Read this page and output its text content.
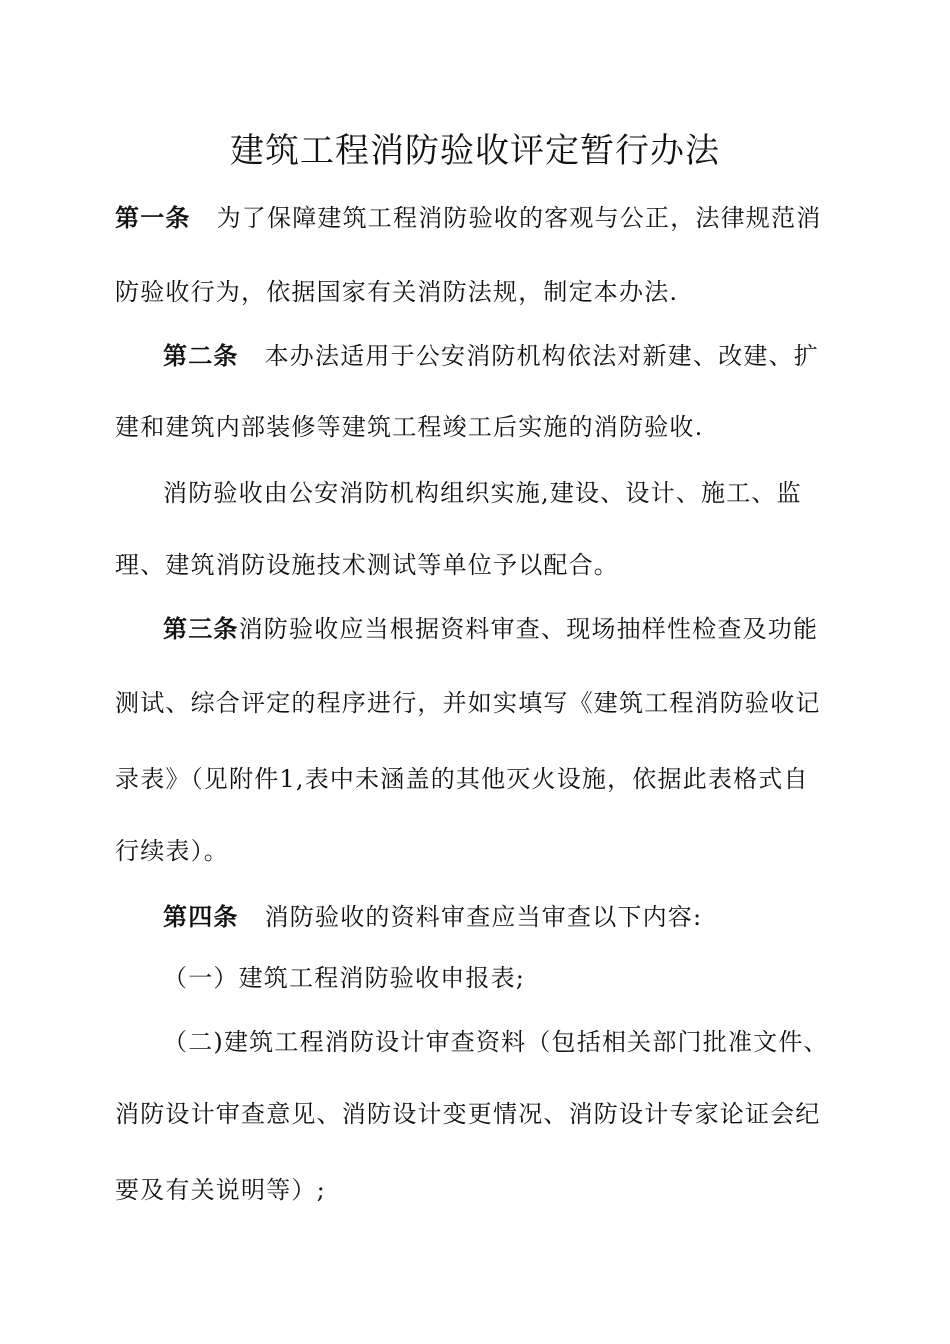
建筑工程消防验收评定暂行办法
第一条 为了保障建筑工程消防验收的客观与公正，法律规范消
防验收行为，依据国家有关消防法规，制定本办法.
第二条 本办法适用于公安消防机构依法对新建、改建、扩
建和建筑内部装修等建筑工程竣工后实施的消防验收.
消防验收由公安消防机构组织实施,建设、设计、施工、监
理、建筑消防设施技术测试等单位予以配合。
第三条消防验收应当根据资料审查、现场抽样性检查及功能
测试、综合评定的程序进行，并如实填写《建筑工程消防验收记
录表》（见附件1,表中未涵盖的其他灭火设施，依据此表格式自
行续表）。
第四条 消防验收的资料审查应当审查以下内容:
（一）建筑工程消防验收申报表;
（二)建筑工程消防设计审查资料（包括相关部门批准文件、
消防设计审查意见、消防设计变更情况、消防设计专家论证会纪
要及有关说明等）;
